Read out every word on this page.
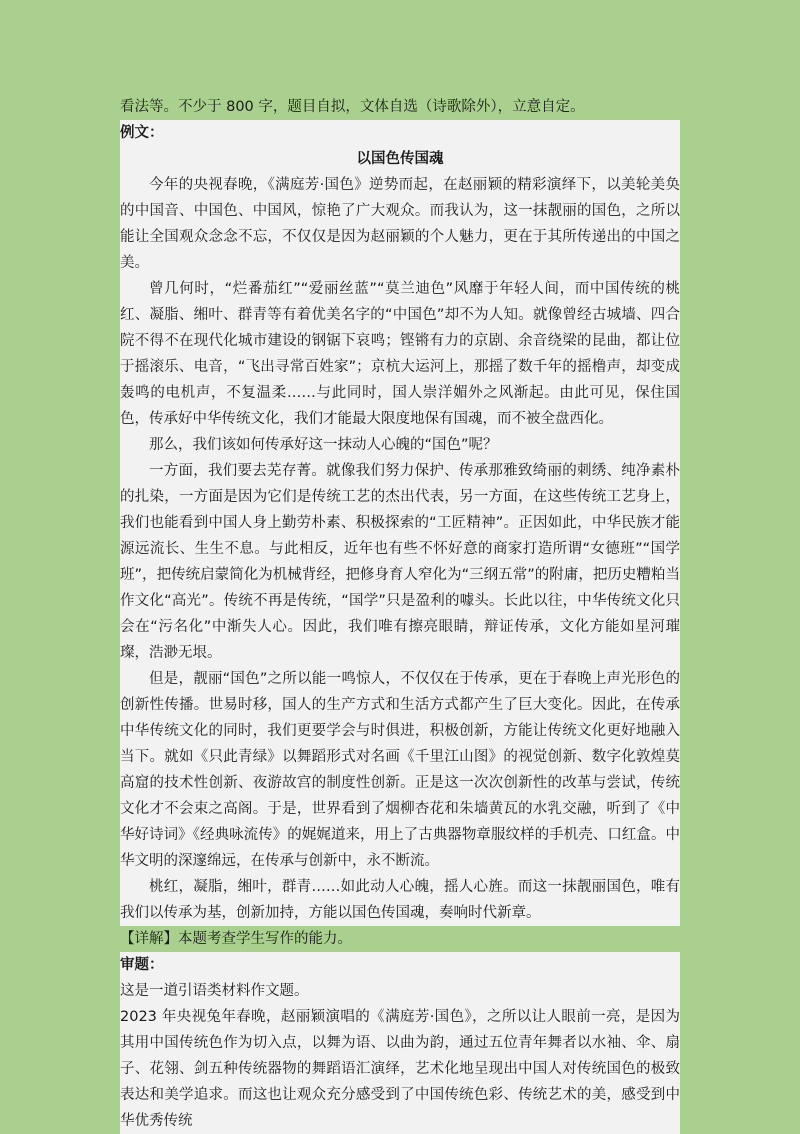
看法等。不少于 800 字，题目自拟，文体自选（诗歌除外），立意自定。
例文：
以国色传国魂
今年的央视春晚，《满庭芳·国色》逆势而起，在赵丽颖的精彩演绎下，以美轮美奂的中国音、中国色、中国风，惊艳了广大观众。而我认为，这一抹靓丽的国色，之所以能让全国观众念念不忘，不仅仅是因为赵丽颖的个人魅力，更在于其所传递出的中国之美。
曾几何时，“烂番茄红”“爱丽丝蓝”“莫兰迪色”风靡于年轻人间，而中国传统的桃红、凝脂、缃叶、群青等有着优美名字的“中国色”却不为人知。就像曾经古城墙、四合院不得不在现代化城市建设的钢锯下哀鸣；铿锵有力的京剧、余音绕梁的昆曲，都让位于摇滚乐、电音，“飞出寻常百姓家”；京杭大运河上，那摇了数千年的摇橹声，却变成轰鸣的电机声，不复温柔……与此同时，国人崇洋媚外之风渐起。由此可见，保住国色，传承好中华传统文化，我们才能最大限度地保有国魂，而不被全盘西化。
那么，我们该如何传承好这一抹动人心魄的“国色”呢？
一方面，我们要去芜存菁。就像我们努力保护、传承那雅致绮丽的刺绣、纯净素朴的扎染，一方面是因为它们是传统工艺的杰出代表，另一方面，在这些传统工艺身上，我们也能看到中国人身上勤劳朴素、积极探索的“工匠精神”。正因如此，中华民族才能源远流长、生生不息。与此相反，近年也有些不怀好意的商家打造所谓“女德班”“国学班”，把传统启蒙简化为机械背经，把修身育人窄化为“三纲五常”的附庸，把历史糟粕当作文化“高光”。传统不再是传统，“国学”只是盈利的噱头。长此以往，中华传统文化只会在“污名化”中渐失人心。因此，我们唯有擦亮眼睛，辩证传承，文化方能如星河璀璨，浩渺无垠。
但是，靓丽“国色”之所以能一鸣惊人，不仅仅在于传承，更在于春晚上声光形色的创新性传播。世易时移，国人的生产方式和生活方式都产生了巨大变化。因此，在传承中华传统文化的同时，我们更要学会与时俱进，积极创新，方能让传统文化更好地融入当下。就如《只此青绿》以舞蹈形式对名画《千里江山图》的视觉创新、数字化敦煌莫高窟的技术性创新、夜游故宫的制度性创新。正是这一次次创新性的改革与尝试，传统文化才不会束之高阁。于是，世界看到了烟柳杏花和朱墙黄瓦的水乳交融，听到了《中华好诗词》《经典咏流传》的娓娓道来，用上了古典器物章服纹样的手机壳、口红盒。中华文明的深邃绵远，在传承与创新中，永不断流。
桃红，凝脂，缃叶，群青……如此动人心魄，摇人心旌。而这一抹靓丽国色，唯有我们以传承为基，创新加持，方能以国色传国魂，奏响时代新章。
【详解】本题考查学生写作的能力。
审题：
这是一道引语类材料作文题。
2023 年央视兔年春晚，赵丽颖演唱的《满庭芳·国色》，之所以让人眼前一亮，是因为其用中国传统色作为切入点，以舞为语、以曲为韵，通过五位青年舞者以水袖、伞、扇子、花翎、剑五种传统器物的舞蹈语汇演绎，艺术化地呈现出中国人对传统国色的极致表达和美学追求。而这也让观众充分感受到了中国传统色彩、传统艺术的美，感受到中华优秀传统
